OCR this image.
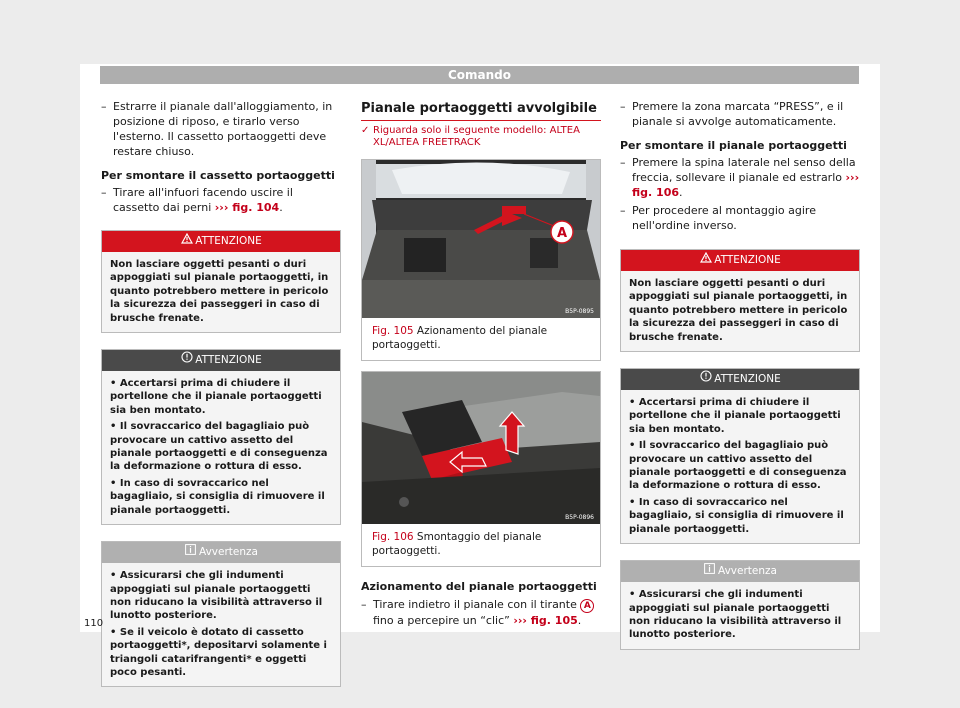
Comando
– Estrarre il pianale dall'alloggiamento, in posizione di riposo, e tirarlo verso l'esterno. Il cassetto portaoggetti deve restare chiuso.

Per smontare il cassetto portaoggetti

– Tirare all'infuori facendo uscire il cassetto dai perni ››› fig. 104.
ATTENZIONE
Non lasciare oggetti pesanti o duri appoggiati sul pianale portaoggetti, in quanto potrebbero mettere in pericolo la sicurezza dei passeggeri in caso di brusche frenate.
ATTENZIONE
• Accertarsi prima di chiudere il portellone che il pianale portaoggetti sia ben montato.
• Il sovraccarico del bagagliaio può provocare un cattivo assetto del pianale portaoggetti e di conseguenza la deformazione o rottura di esso.
• In caso di sovraccarico nel bagagliaio, si consiglia di rimuovere il pianale portaoggetti.
Avvertenza
• Assicurarsi che gli indumenti appoggiati sul pianale portaoggetti non riducano la visibilità attraverso il lunotto posteriore.
• Se il veicolo è dotato di cassetto portaoggetti*, depositarvi solamente i triangoli catarifrangenti* e oggetti poco pesanti.

Pianale portaoggetti avvolgibile

✓ Riguarda solo il seguente modello: ALTEA XL/ALTEA FREETRACK
A
B5P-0895
Fig. 105 Azionamento del pianale portaoggetti.
B5P-0896
Fig. 106 Smontaggio del pianale portaoggetti.

Azionamento del pianale portaoggetti

– Tirare indietro il pianale con il tirante A fino a percepire un “clic” ››› fig. 105.
– Premere la zona marcata “PRESS”, e il pianale si avvolge automaticamente.

Per smontare il pianale portaoggetti

– Premere la spina laterale nel senso della freccia, sollevare il pianale ed estrarlo ››› fig. 106.
– Per procedere al montaggio agire nell'ordine inverso.
ATTENZIONE
Non lasciare oggetti pesanti o duri appoggiati sul pianale portaoggetti, in quanto potrebbero mettere in pericolo la sicurezza dei passeggeri in caso di brusche frenate.
ATTENZIONE
• Accertarsi prima di chiudere il portellone che il pianale portaoggetti sia ben montato.
• Il sovraccarico del bagagliaio può provocare un cattivo assetto del pianale portaoggetti e di conseguenza la deformazione o rottura di esso.
• In caso di sovraccarico nel bagagliaio, si consiglia di rimuovere il pianale portaoggetti.
Avvertenza
• Assicurarsi che gli indumenti appoggiati sul pianale portaoggetti non riducano la visibilità attraverso il lunotto posteriore.
110
